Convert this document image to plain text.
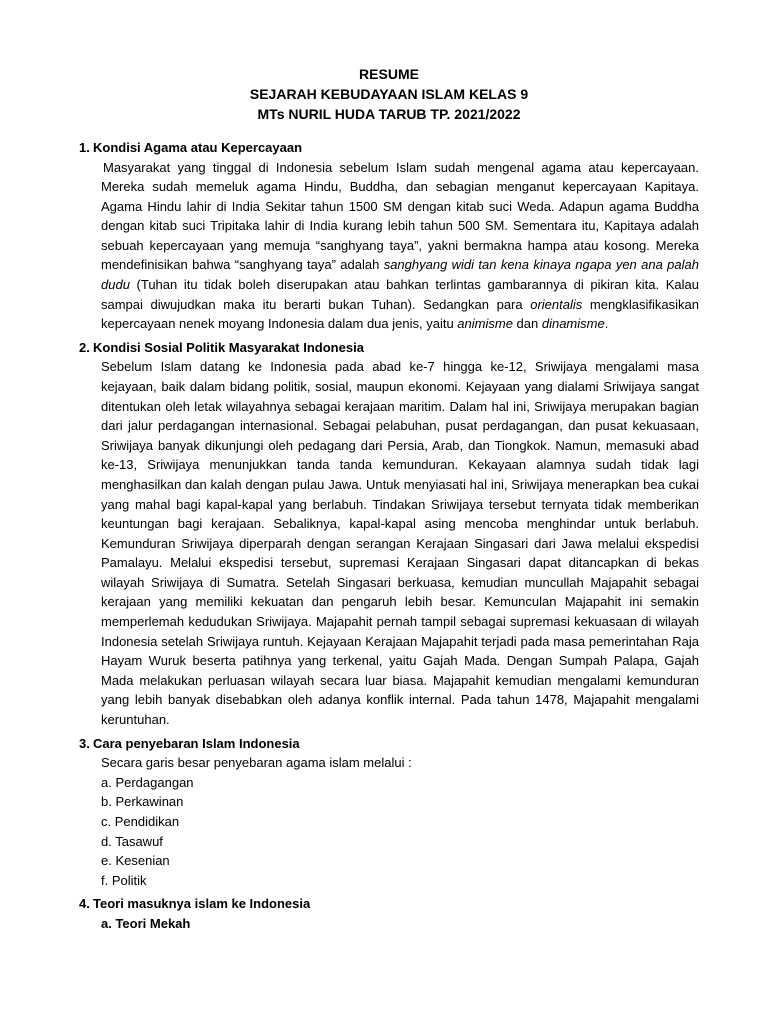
RESUME
SEJARAH KEBUDAYAAN ISLAM KELAS 9
MTs NURIL HUDA TARUB TP. 2021/2022
1. Kondisi Agama atau Kepercayaan
Masyarakat yang tinggal di Indonesia sebelum Islam sudah mengenal agama atau kepercayaan. Mereka sudah memeluk agama Hindu, Buddha, dan sebagian menganut kepercayaan Kapitaya. Agama Hindu lahir di India Sekitar tahun 1500 SM dengan kitab suci Weda. Adapun agama Buddha dengan kitab suci Tripitaka lahir di India kurang lebih tahun 500 SM. Sementara itu, Kapitaya adalah sebuah kepercayaan yang memuja “sanghyang taya”, yakni bermakna hampa atau kosong. Mereka mendefinisikan bahwa “sanghyang taya” adalah sanghyang widi tan kena kinaya ngapa yen ana palah dudu (Tuhan itu tidak boleh diserupakan atau bahkan terlintas gambarannya di pikiran kita. Kalau sampai diwujudkan maka itu berarti bukan Tuhan). Sedangkan para orientalis mengklasifikasikan kepercayaan nenek moyang Indonesia dalam dua jenis, yaitu animisme dan dinamisme.
2. Kondisi Sosial Politik Masyarakat Indonesia
Sebelum Islam datang ke Indonesia pada abad ke-7 hingga ke-12, Sriwijaya mengalami masa kejayaan, baik dalam bidang politik, sosial, maupun ekonomi. Kejayaan yang dialami Sriwijaya sangat ditentukan oleh letak wilayahnya sebagai kerajaan maritim. Dalam hal ini, Sriwijaya merupakan bagian dari jalur perdagangan internasional. Sebagai pelabuhan, pusat perdagangan, dan pusat kekuasaan, Sriwijaya banyak dikunjungi oleh pedagang dari Persia, Arab, dan Tiongkok. Namun, memasuki abad ke-13, Sriwijaya menunjukkan tanda tanda kemunduran. Kekayaan alamnya sudah tidak lagi menghasilkan dan kalah dengan pulau Jawa. Untuk menyiasati hal ini, Sriwijaya menerapkan bea cukai yang mahal bagi kapal-kapal yang berlabuh. Tindakan Sriwijaya tersebut ternyata tidak memberikan keuntungan bagi kerajaan. Sebaliknya, kapal-kapal asing mencoba menghindar untuk berlabuh. Kemunduran Sriwijaya diperparah dengan serangan Kerajaan Singasari dari Jawa melalui ekspedisi Pamalayu. Melalui ekspedisi tersebut, supremasi Kerajaan Singasari dapat ditancapkan di bekas wilayah Sriwijaya di Sumatra. Setelah Singasari berkuasa, kemudian muncullah Majapahit sebagai kerajaan yang memiliki kekuatan dan pengaruh lebih besar. Kemunculan Majapahit ini semakin memperlemah kedudukan Sriwijaya. Majapahit pernah tampil sebagai supremasi kekuasaan di wilayah Indonesia setelah Sriwijaya runtuh. Kejayaan Kerajaan Majapahit terjadi pada masa pemerintahan Raja Hayam Wuruk beserta patihnya yang terkenal, yaitu Gajah Mada. Dengan Sumpah Palapa, Gajah Mada melakukan perluasan wilayah secara luar biasa. Majapahit kemudian mengalami kemunduran yang lebih banyak disebabkan oleh adanya konflik internal. Pada tahun 1478, Majapahit mengalami keruntuhan.
3. Cara penyebaran Islam Indonesia
Secara garis besar penyebaran agama islam melalui :
a. Perdagangan
b. Perkawinan
c. Pendidikan
d. Tasawuf
e. Kesenian
f. Politik
4. Teori masuknya islam ke Indonesia
a. Teori Mekah
